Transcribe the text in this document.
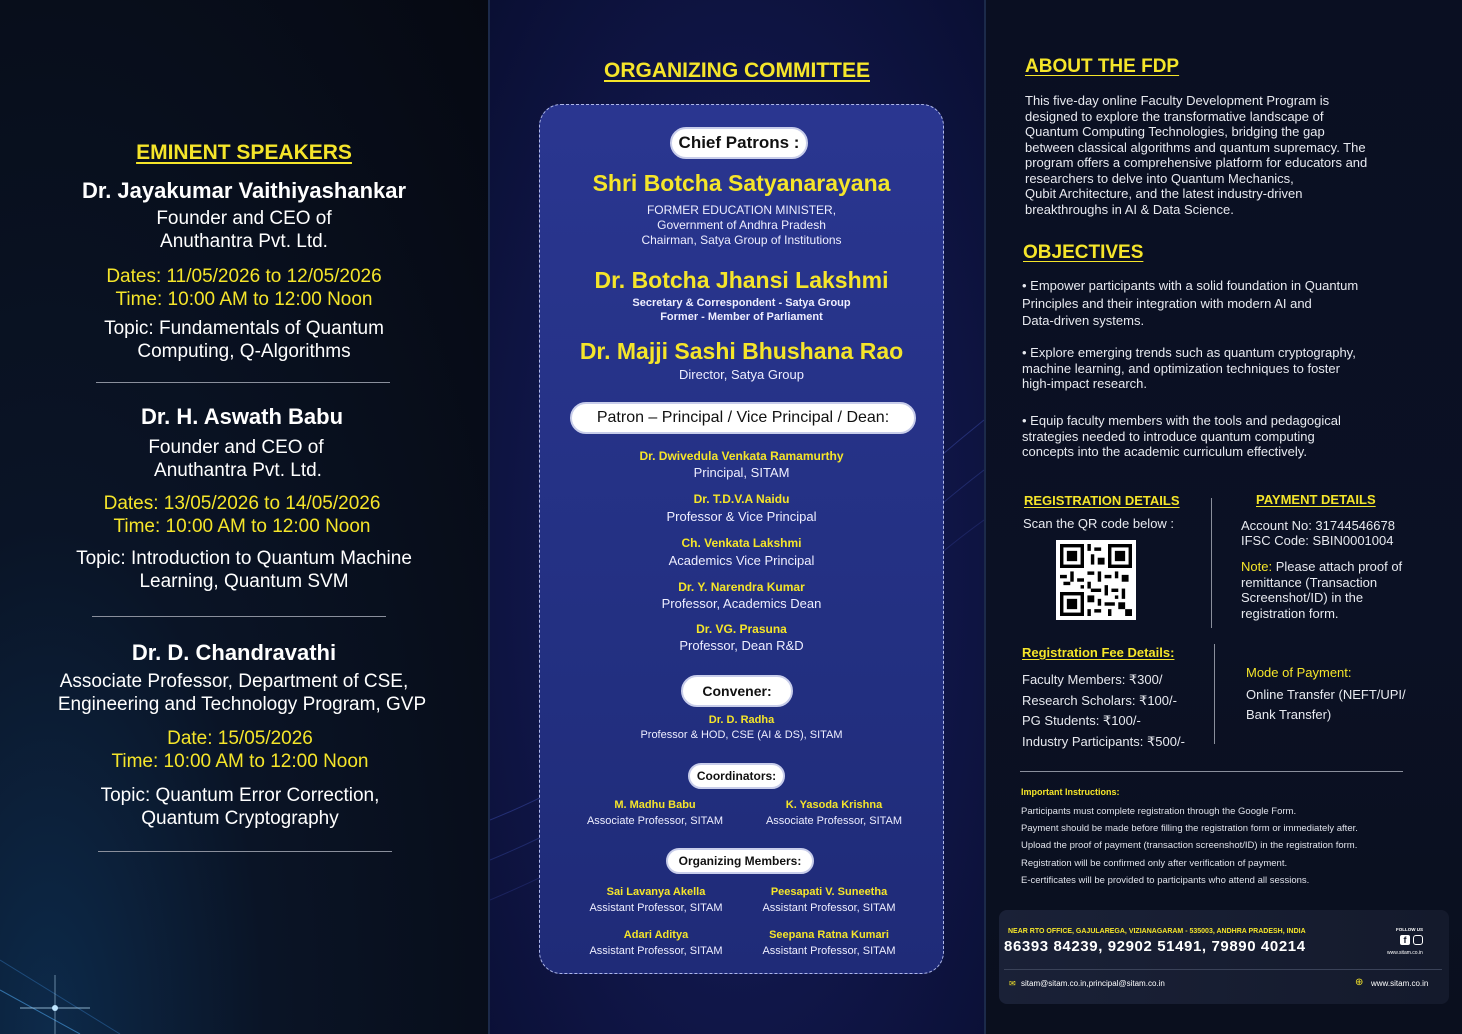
EMINENT SPEAKERS
Dr. Jayakumar Vaithiyashankar
Founder and CEO of
Anuthantra Pvt. Ltd.
Dates: 11/05/2026 to 12/05/2026
Time: 10:00 AM to 12:00 Noon
Topic: Fundamentals of Quantum
Computing, Q-Algorithms
Dr. H. Aswath Babu
Founder and CEO of
Anuthantra Pvt. Ltd.
Dates: 13/05/2026 to 14/05/2026
Time: 10:00 AM to 12:00 Noon
Topic: Introduction to Quantum Machine
Learning, Quantum SVM
Dr. D. Chandravathi
Associate Professor, Department of CSE,
Engineering and Technology Program, GVP
Date: 15/05/2026
Time: 10:00 AM to 12:00 Noon
Topic: Quantum Error Correction,
Quantum Cryptography
ORGANIZING COMMITTEE
Chief Patrons :
Shri Botcha Satyanarayana
FORMER EDUCATION MINISTER,
Government of Andhra Pradesh
Chairman, Satya Group of Institutions
Dr. Botcha Jhansi Lakshmi
Secretary & Correspondent - Satya Group
Former - Member of Parliament
Dr. Majji Sashi Bhushana Rao
Director, Satya Group
Patron – Principal / Vice Principal / Dean:
Dr. Dwivedula Venkata Ramamurthy
Principal, SITAM
Dr. T.D.V.A Naidu
Professor & Vice Principal
Ch. Venkata Lakshmi
Academics Vice Principal
Dr. Y. Narendra Kumar
Professor, Academics Dean
Dr. VG. Prasuna
Professor, Dean R&D
Convener:
Dr. D. Radha
Professor & HOD, CSE (AI & DS), SITAM
Coordinators:
M. Madhu Babu
Associate Professor, SITAM
K. Yasoda Krishna
Associate Professor, SITAM
Organizing Members:
Sai Lavanya Akella
Assistant Professor, SITAM
Peesapati V. Suneetha
Assistant Professor, SITAM
Adari Aditya
Assistant Professor, SITAM
Seepana Ratna Kumari
Assistant Professor, SITAM
ABOUT THE FDP
This five-day online Faculty Development Program is
designed to explore the transformative landscape of
Quantum Computing Technologies, bridging the gap
between classical algorithms and quantum supremacy. The
program offers a comprehensive platform for educators and
researchers to delve into Quantum Mechanics,
Qubit Architecture, and the latest industry-driven
breakthroughs in AI & Data Science.
OBJECTIVES
• Empower participants with a solid foundation in Quantum
Principles and their integration with modern AI and
Data-driven systems.
• Explore emerging trends such as quantum cryptography,
machine learning, and optimization techniques to foster
high-impact research.
• Equip faculty members with the tools and pedagogical
strategies needed to introduce quantum computing
concepts into the academic curriculum effectively.
REGISTRATION DETAILS
Scan the QR code below :
PAYMENT DETAILS
Account No: 31744546678
IFSC Code: SBIN0001004
Note: Please attach proof of
remittance (Transaction
Screenshot/ID) in the
registration form.
Registration Fee Details:
Faculty Members: ₹300/
Research Scholars: ₹100/-
PG Students: ₹100/-
Industry Participants: ₹500/-
Mode of Payment:
Online Transfer (NEFT/UPI/
Bank Transfer)
Important Instructions:
Participants must complete registration through the Google Form.
Payment should be made before filling the registration form or immediately after.
Upload the proof of payment (transaction screenshot/ID) in the registration form.
Registration will be confirmed only after verification of payment.
E-certificates will be provided to participants who attend all sessions.
NEAR RTO OFFICE, GAJULAREGA, VIZIANAGARAM - 535003, ANDHRA PRADESH, INDIA
86393 84239, 92902 51491, 79890 40214
FOLLOW US
f
www.sitam.co.in
✉ sitam@sitam.co.in,principal@sitam.co.in	⊕ www.sitam.co.in
